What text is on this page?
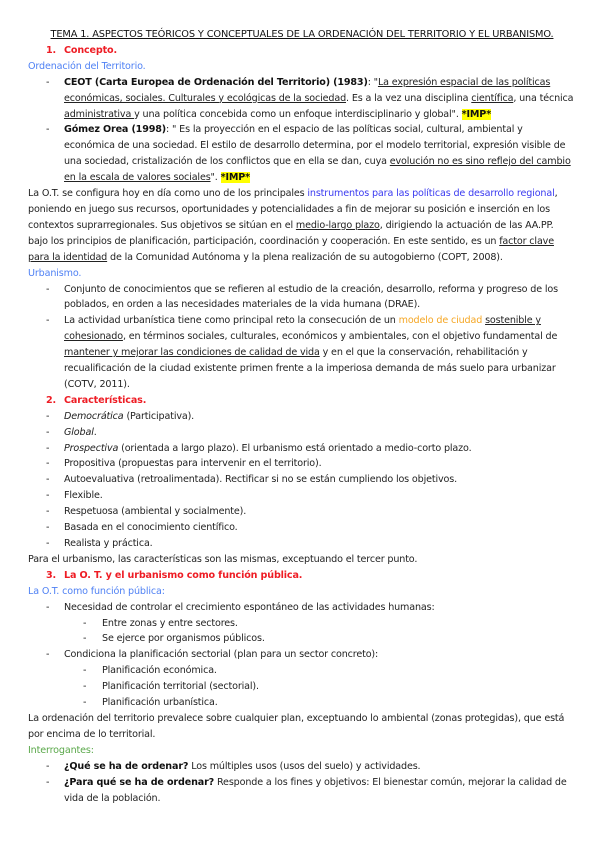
TEMA 1. ASPECTOS TEÓRICOS Y CONCEPTUALES DE LA ORDENACIÓN DEL TERRITORIO Y EL URBANISMO.
1. Concepto.
Ordenación del Territorio.
- CEOT (Carta Europea de Ordenación del Territorio) (1983): "La expresión espacial de las políticas económicas, sociales. Culturales y ecológicas de la sociedad. Es a la vez una disciplina científica, una técnica administrativa y una política concebida como un enfoque interdisciplinario y global". *IMP*
- Gómez Orea (1998): " Es la proyección en el espacio de las políticas social, cultural, ambiental y económica de una sociedad. El estilo de desarrollo determina, por el modelo territorial, expresión visible de una sociedad, cristalización de los conflictos que en ella se dan, cuya evolución no es sino reflejo del cambio en la escala de valores sociales". *IMP*
La O.T. se configura hoy en día como uno de los principales instrumentos para las políticas de desarrollo regional, poniendo en juego sus recursos, oportunidades y potencialidades a fin de mejorar su posición e inserción en los contextos suprarregionales. Sus objetivos se sitúan en el medio-largo plazo, dirigiendo la actuación de las AA.PP. bajo los principios de planificación, participación, coordinación y cooperación. En este sentido, es un factor clave para la identidad de la Comunidad Autónoma y la plena realización de su autogobierno (COPT, 2008).
Urbanismo.
- Conjunto de conocimientos que se refieren al estudio de la creación, desarrollo, reforma y progreso de los poblados, en orden a las necesidades materiales de la vida humana (DRAE).
- La actividad urbanística tiene como principal reto la consecución de un modelo de ciudad sostenible y cohesionado, en términos sociales, culturales, económicos y ambientales, con el objetivo fundamental de mantener y mejorar las condiciones de calidad de vida y en el que la conservación, rehabilitación y recualificación de la ciudad existente primen frente a la imperiosa demanda de más suelo para urbanizar (COTV, 2011).
2. Características.
- Democrática (Participativa).
- Global.
- Prospectiva (orientada a largo plazo). El urbanismo está orientado a medio-corto plazo.
- Propositiva (propuestas para intervenir en el territorio).
- Autoevaluativa (retroalimentada). Rectificar si no se están cumpliendo los objetivos.
- Flexible.
- Respetuosa (ambiental y socialmente).
- Basada en el conocimiento científico.
- Realista y práctica.
Para el urbanismo, las características son las mismas, exceptuando el tercer punto.
3. La O. T. y el urbanismo como función pública.
La O.T. como función pública:
- Necesidad de controlar el crecimiento espontáneo de las actividades humanas:
- Entre zonas y entre sectores.
- Se ejerce por organismos públicos.
- Condiciona la planificación sectorial (plan para un sector concreto):
- Planificación económica.
- Planificación territorial (sectorial).
- Planificación urbanística.
La ordenación del territorio prevalece sobre cualquier plan, exceptuando lo ambiental (zonas protegidas), que está por encima de lo territorial.
Interrogantes:
- ¿Qué se ha de ordenar? Los múltiples usos (usos del suelo) y actividades.
- ¿Para qué se ha de ordenar? Responde a los fines y objetivos: El bienestar común, mejorar la calidad de vida de la población.
